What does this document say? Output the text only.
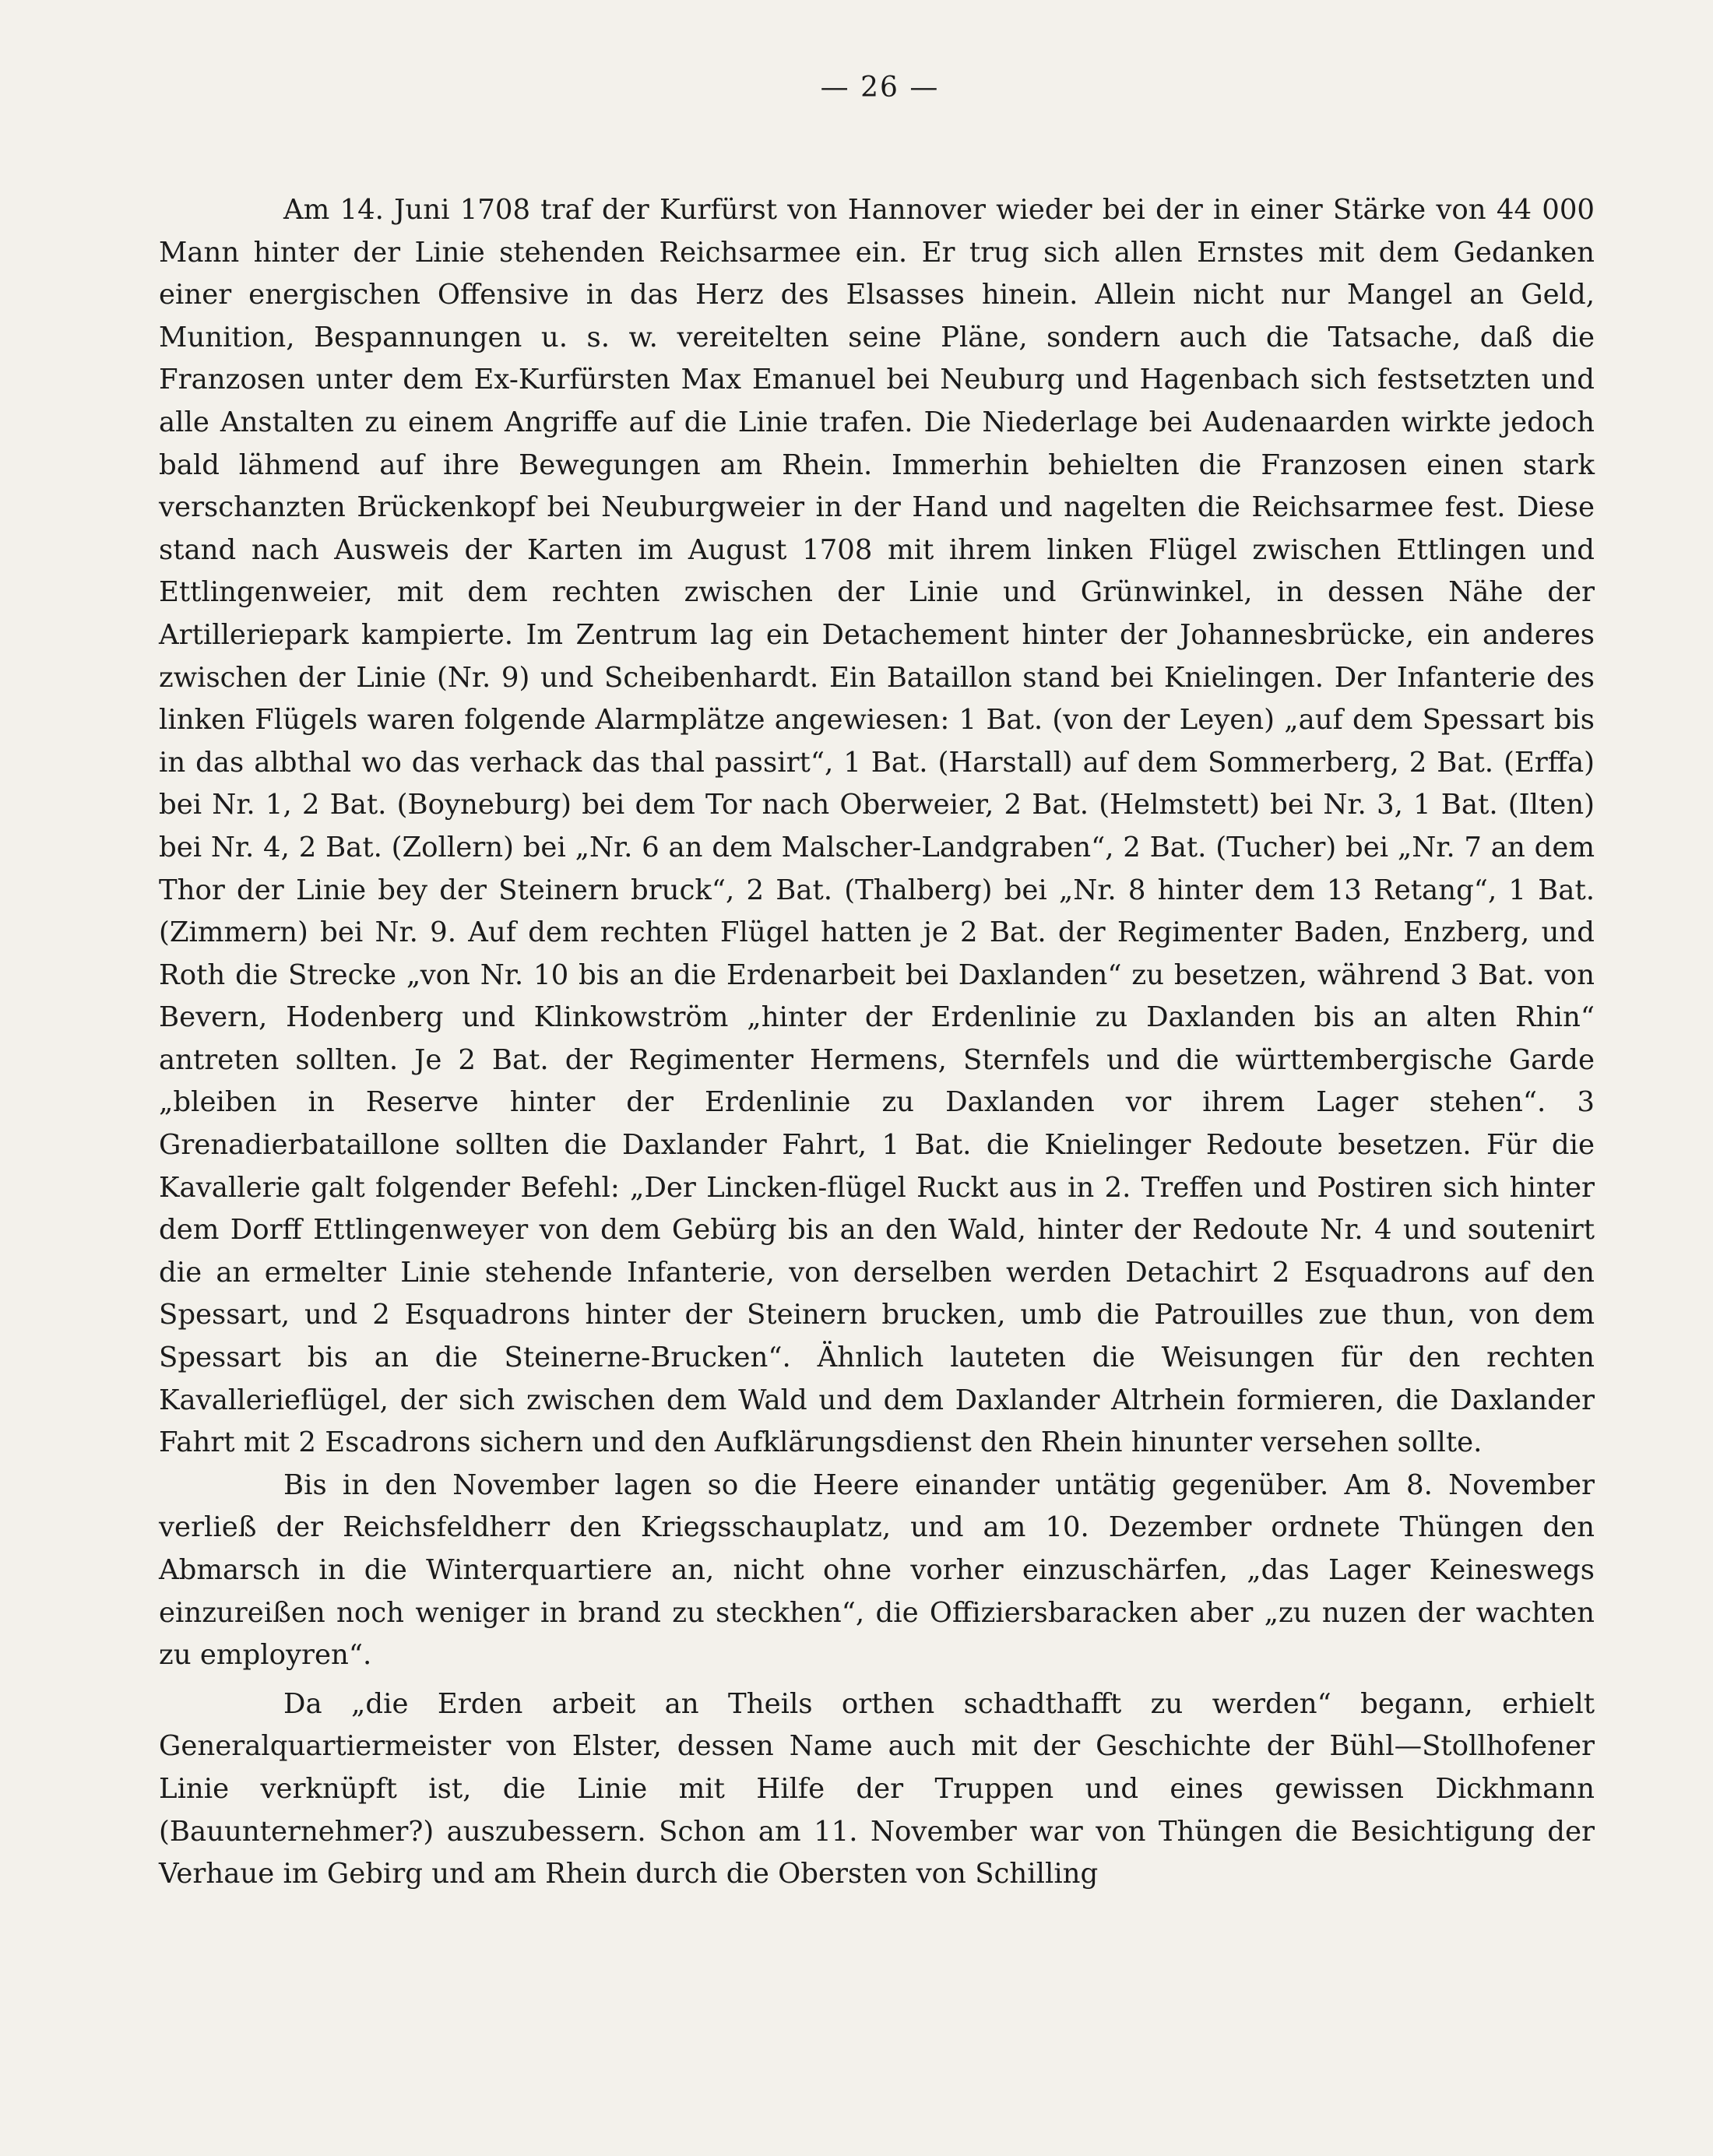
— 26 —

Am 14. Juni 1708 traf der Kurfürst von Hannover wieder bei der in einer Stärke von 44 000 Mann hinter der Linie stehenden Reichsarmee ein. Er trug sich allen Ernstes mit dem Gedanken einer energischen Offensive in das Herz des Elsasses hinein. Allein nicht nur Mangel an Geld, Munition, Bespannungen u. s. w. vereitelten seine Pläne, sondern auch die Tatsache, daß die Franzosen unter dem Ex-Kurfürsten Max Emanuel bei Neuburg und Hagenbach sich festsetzten und alle Anstalten zu einem Angriffe auf die Linie trafen. Die Niederlage bei Audenaarden wirkte jedoch bald lähmend auf ihre Bewegungen am Rhein. Immerhin behielten die Franzosen einen stark verschanzten Brückenkopf bei Neuburgweier in der Hand und nagelten die Reichsarmee fest. Diese stand nach Ausweis der Karten im August 1708 mit ihrem linken Flügel zwischen Ettlingen und Ettlingenweier, mit dem rechten zwischen der Linie und Grünwinkel, in dessen Nähe der Artilleriepark kampierte. Im Zentrum lag ein Detachement hinter der Johannesbrücke, ein anderes zwischen der Linie (Nr. 9) und Scheibenhardt. Ein Bataillon stand bei Knielingen. Der Infanterie des linken Flügels waren folgende Alarmplätze angewiesen: 1 Bat. (von der Leyen) „auf dem Spessart bis in das albthal wo das verhack das thal passirt“, 1 Bat. (Harstall) auf dem Sommerberg, 2 Bat. (Erffa) bei Nr. 1, 2 Bat. (Boyneburg) bei dem Tor nach Oberweier, 2 Bat. (Helmstett) bei Nr. 3, 1 Bat. (Ilten) bei Nr. 4, 2 Bat. (Zollern) bei „Nr. 6 an dem Malscher-Landgraben“, 2 Bat. (Tucher) bei „Nr. 7 an dem Thor der Linie bey der Steinern bruck“, 2 Bat. (Thalberg) bei „Nr. 8 hinter dem 13 Retang“, 1 Bat. (Zimmern) bei Nr. 9. Auf dem rechten Flügel hatten je 2 Bat. der Regimenter Baden, Enzberg, und Roth die Strecke „von Nr. 10 bis an die Erdenarbeit bei Daxlanden“ zu besetzen, während 3 Bat. von Bevern, Hodenberg und Klinkowström „hinter der Erdenlinie zu Daxlanden bis an alten Rhin“ antreten sollten. Je 2 Bat. der Regimenter Hermens, Sternfels und die württembergische Garde „bleiben in Reserve hinter der Erdenlinie zu Daxlanden vor ihrem Lager stehen“. 3 Grenadierbataillone sollten die Daxlander Fahrt, 1 Bat. die Knielinger Redoute besetzen. Für die Kavallerie galt folgender Befehl: „Der Lincken-flügel Ruckt aus in 2. Treffen und Postiren sich hinter dem Dorff Ettlingenweyer von dem Gebürg bis an den Wald, hinter der Redoute Nr. 4 und soutenirt die an ermelter Linie stehende Infanterie, von derselben werden Detachirt 2 Esquadrons auf den Spessart, und 2 Esquadrons hinter der Steinern brucken, umb die Patrouilles zue thun, von dem Spessart bis an die Steinerne-Brucken“. Ähnlich lauteten die Weisungen für den rechten Kavallerieflügel, der sich zwischen dem Wald und dem Daxlander Altrhein formieren, die Daxlander Fahrt mit 2 Escadrons sichern und den Aufklärungsdienst den Rhein hinunter versehen sollte.

Bis in den November lagen so die Heere einander untätig gegenüber. Am 8. November verließ der Reichsfeldherr den Kriegsschauplatz, und am 10. Dezember ordnete Thüngen den Abmarsch in die Winterquartiere an, nicht ohne vorher einzuschärfen, „das Lager Keineswegs einzureißen noch weniger in brand zu steckhen“, die Offiziersbaracken aber „zu nuzen der wachten zu employren“.

Da „die Erden arbeit an Theils orthen schadthafft zu werden“ begann, erhielt Generalquartiermeister von Elster, dessen Name auch mit der Geschichte der Bühl—Stollhofener Linie verknüpft ist, die Linie mit Hilfe der Truppen und eines gewissen Dickhmann (Bauunternehmer?) auszubessern. Schon am 11. November war von Thüngen die Besichtigung der Verhaue im Gebirg und am Rhein durch die Obersten von Schilling
